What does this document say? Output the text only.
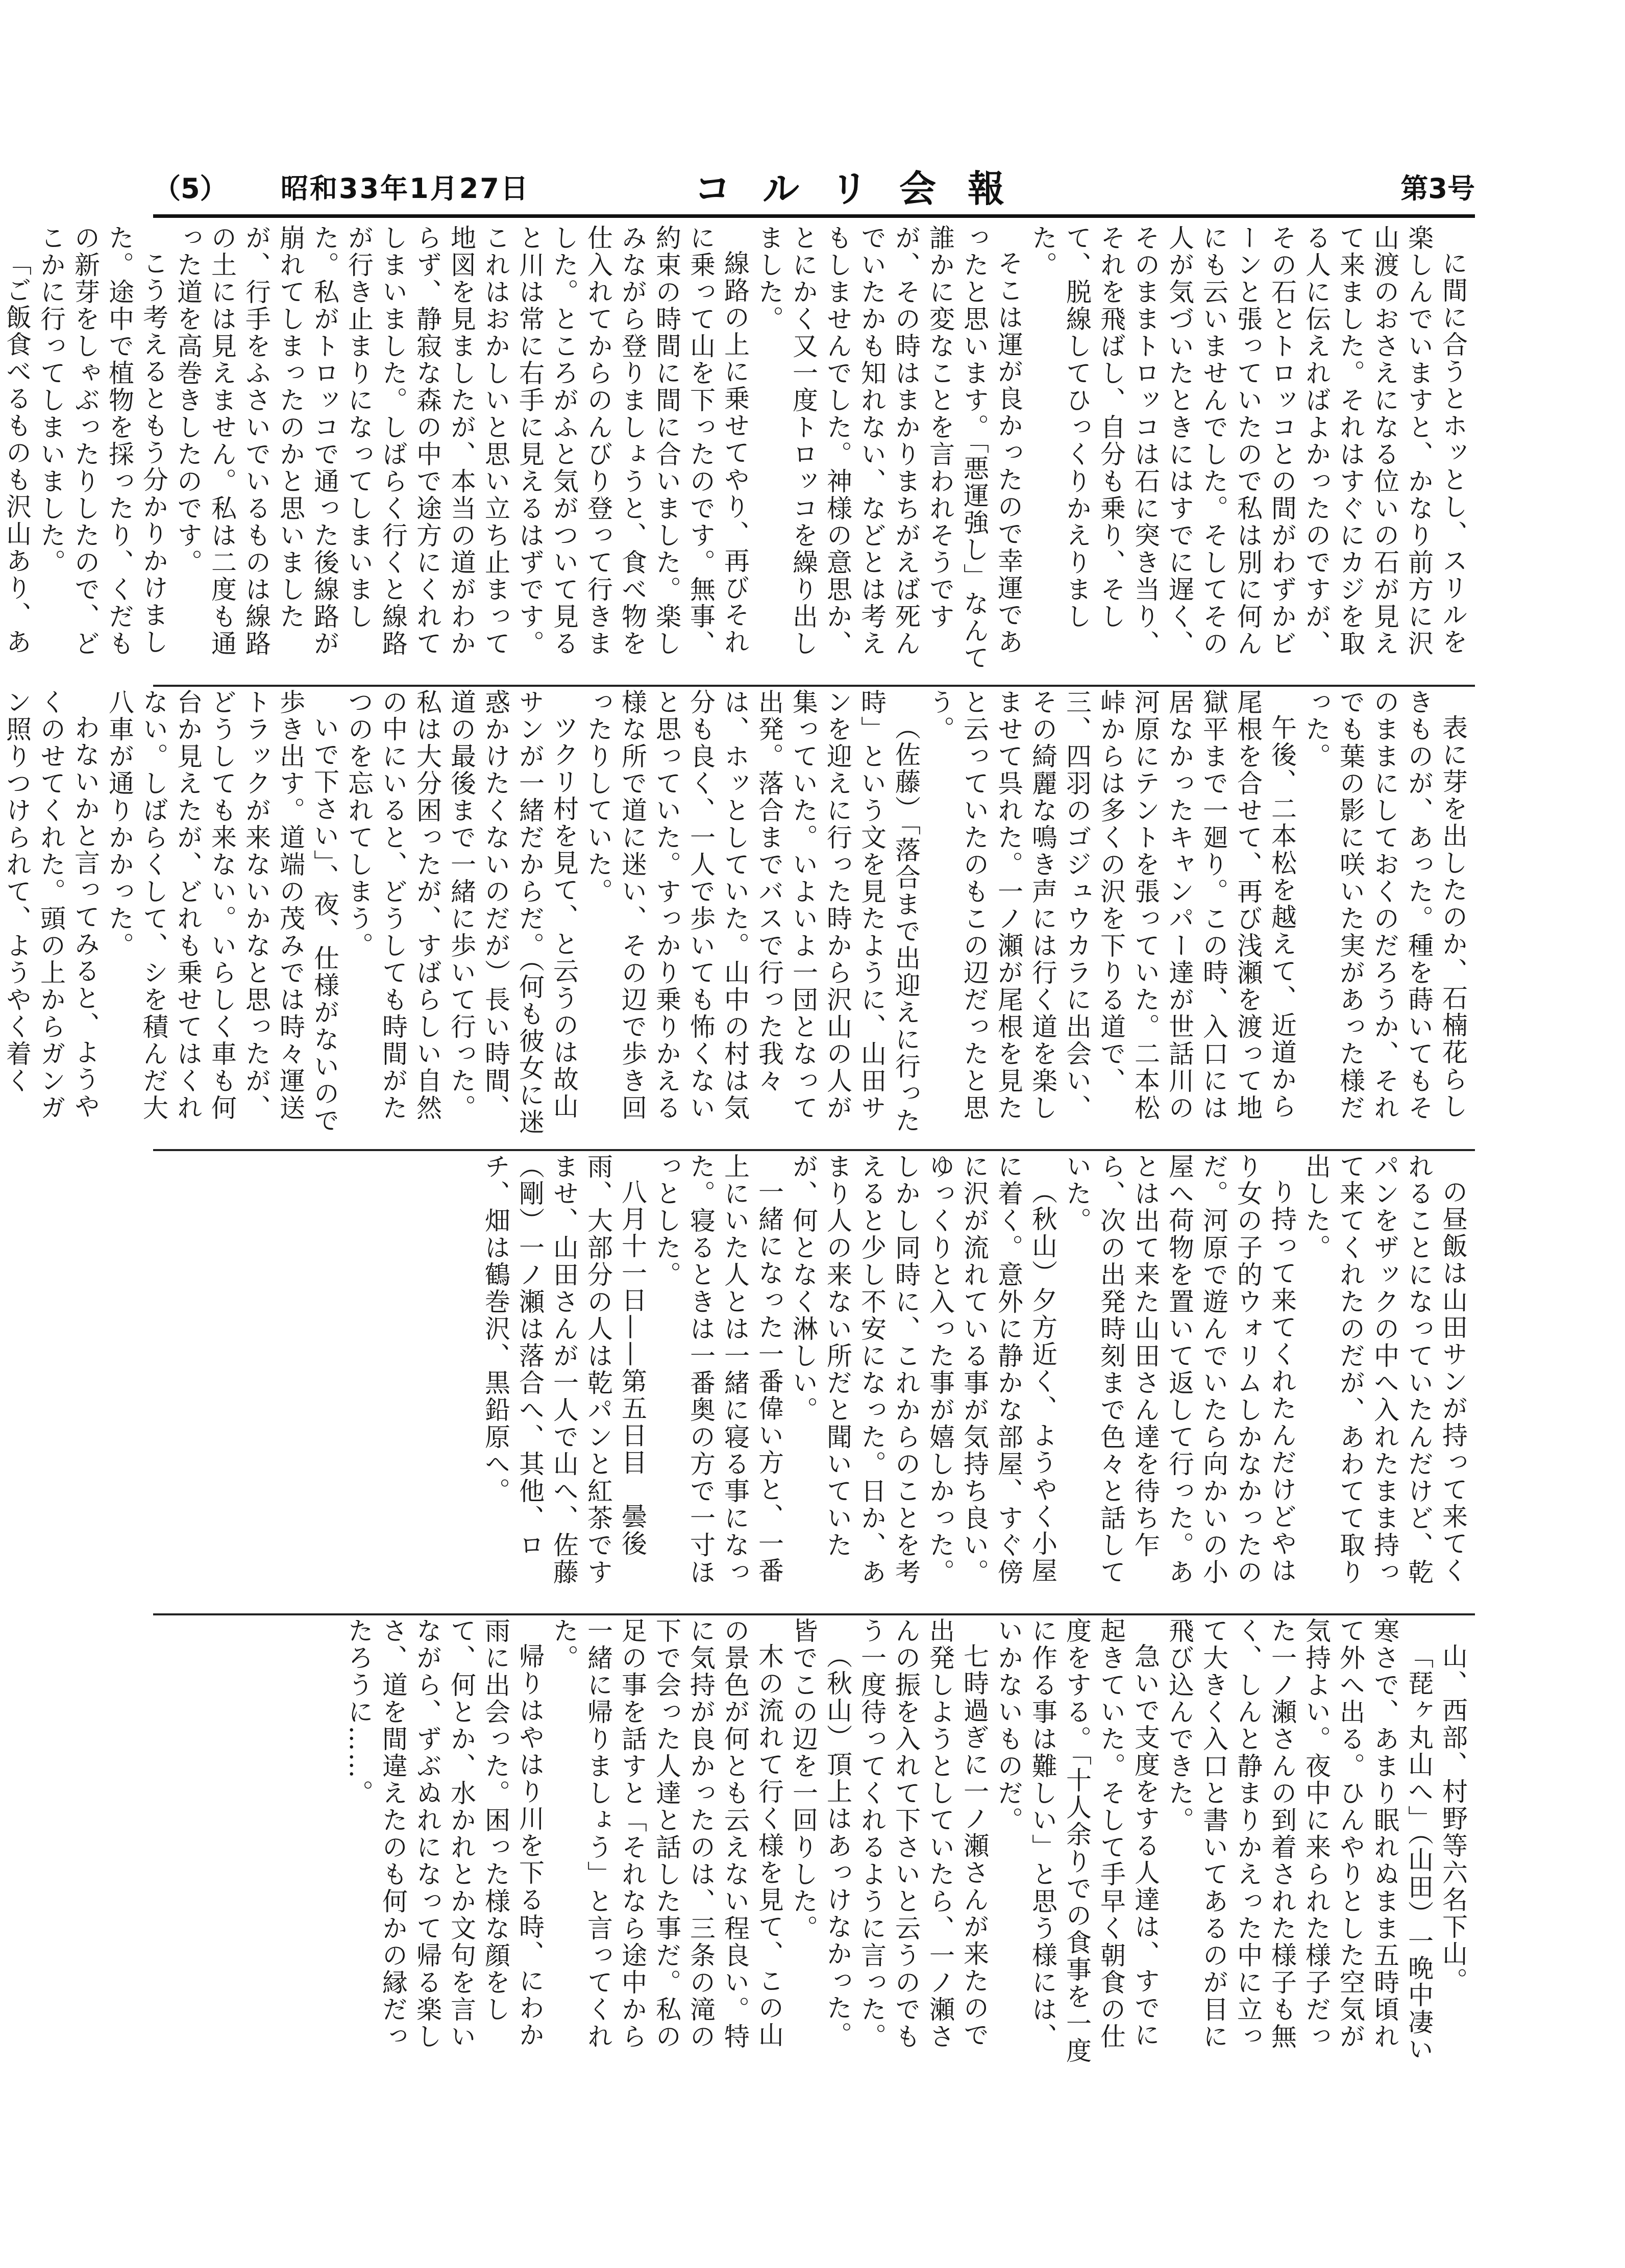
（5） 昭和33年1月27日	コルリ会報	第3号

に間に合うとホッとし、スリルを楽しんでいますと、かなり前方に沢山渡のおさえになる位いの石が見えて来ました。それはすぐにカジを取る人に伝えればよかったのですが、その石とトロッコとの間がわずかビーンと張っていたので私は別に何んにも云いませんでした。そしてその人が気づいたときにはすでに遅く、そのままトロッコは石に突き当り、それを飛ばし、自分も乗り、そして、脱線してひっくりかえりました。

そこは運が良かったので幸運であったと思います。「悪運強し」なんて誰かに変なことを言われそうですが、その時はまかりまちがえば死んでいたかも知れない、などとは考えもしませんでした。神様の意思か、とにかく又一度トロッコを繰り出しました。

線路の上に乗せてやり、再びそれに乗って山を下ったのです。無事、約束の時間に間に合いました。楽しみながら登りましょうと、食べ物を仕入れてからのんびり登って行きました。ところがふと気がついて見ると川は常に右手に見えるはずです。これはおかしいと思い立ち止まって地図を見ましたが、本当の道がわからず、静寂な森の中で途方にくれてしまいました。しばらく行くと線路が行き止まりになってしまいました。私がトロッコで通った後線路が崩れてしまったのかと思いましたが、行手をふさいでいるものは線路の土には見えません。私は二度も通った道を高巻きしたのです。

こう考えるともう分かりかけました。途中で植物を採ったり、くだもの新芽をしゃぶったりしたので、どこかに行ってしまいました。

「ご飯食べるものも沢山あり、あ

表に芽を出したのか、石楠花らしきものが、あった。種を蒔いてもそのままにしておくのだろうか、それでも葉の影に咲いた実があった様だった。

午後、二本松を越えて、近道から尾根を合せて、再び浅瀬を渡って地獄平まで一廻り。この時、入口には居なかったキャンパー達が世話川の河原にテントを張っていた。二本松峠からは多くの沢を下りる道で、三、四羽のゴジュウカラに出会い、その綺麗な鳴き声には行く道を楽しませて呉れた。一ノ瀬が尾根を見たと云っていたのもこの辺だったと思う。

（佐藤）「落合まで出迎えに行った時」という文を見たように、山田サンを迎えに行った時から沢山の人が集っていた。いよいよ一団となって出発。落合までバスで行った我々は、ホッとしていた。山中の村は気分も良く、一人で歩いても怖くないと思っていた。すっかり乗りかえる様な所で道に迷い、その辺で歩き回ったりしていた。

ツクリ村を見て、と云うのは故山サンが一緒だからだ。（何も彼女に迷惑かけたくないのだが）長い時間、道の最後まで一緒に歩いて行った。私は大分困ったが、すばらしい自然の中にいると、どうしても時間がたつのを忘れてしまう。

いで下さい」、夜、仕様がないので歩き出す。道端の茂みでは時々運送トラックが来ないかなと思ったが、どうしても来ない。いらしく車も何台か見えたが、どれも乗せてはくれない。しばらくして、シを積んだ大八車が通りかかった。

わないかと言ってみると、ようやくのせてくれた。頭の上からガンガン照りつけられて、ようやく着く

の昼飯は山田サンが持って来てくれることになっていたんだけど、乾パンをザックの中へ入れたまま持って来てくれたのだが、あわてて取り出した。

り持って来てくれたんだけどやはり女の子的ウォリムしかなかったのだ。河原で遊んでいたら向かいの小屋へ荷物を置いて返して行った。あとは出て来た山田さん達を待ち乍ら、次の出発時刻まで色々と話していた。

（秋山）夕方近く、ようやく小屋に着く。意外に静かな部屋、すぐ傍に沢が流れている事が気持ち良い。ゆっくりと入った事が嬉しかった。しかし同時に、これからのことを考えると少し不安になった。日か、あまり人の来ない所だと聞いていたが、何となく淋しい。

一緒になった一番偉い方と、一番上にいた人とは一緒に寝る事になった。寝るときは一番奥の方で一寸ほっとした。

八月十一日——第五日目　曇後雨、大部分の人は乾パンと紅茶ですませ、山田さんが一人で山へ、佐藤（剛）一ノ瀬は落合へ、其他、ロチ、畑は鶴巻沢、黒鉛原へ。

山、西部、村野等六名下山。

「琵ヶ丸山へ」（山田）一晩中凄い寒さで、あまり眠れぬまま五時頃れて外へ出る。ひんやりとした空気が気持よい。夜中に来られた様子だった一ノ瀬さんの到着された様子も無く、しんと静まりかえった中に立って大きく入口と書いてあるのが目に飛び込んできた。

急いで支度をする人達は、すでに起きていた。そして手早く朝食の仕度をする。「十人余りでの食事を一度に作る事は難しい」と思う様には、いかないものだ。

七時過ぎに一ノ瀬さんが来たので出発しようとしていたら、一ノ瀬さんの振を入れて下さいと云うのでもう一度待ってくれるように言った。

（秋山）頂上はあっけなかった。皆でこの辺を一回りした。

木の流れて行く様を見て、この山の景色が何とも云えない程良い。特に気持が良かったのは、三条の滝の下で会った人達と話した事だ。私の足の事を話すと「それなら途中から一緒に帰りましょう」と言ってくれた。

帰りはやはり川を下る時、にわか雨に出会った。困った様な顔をして、何とか、水かれとか文句を言いながら、ずぶぬれになって帰る楽しさ、道を間違えたのも何かの縁だったろうに……。
